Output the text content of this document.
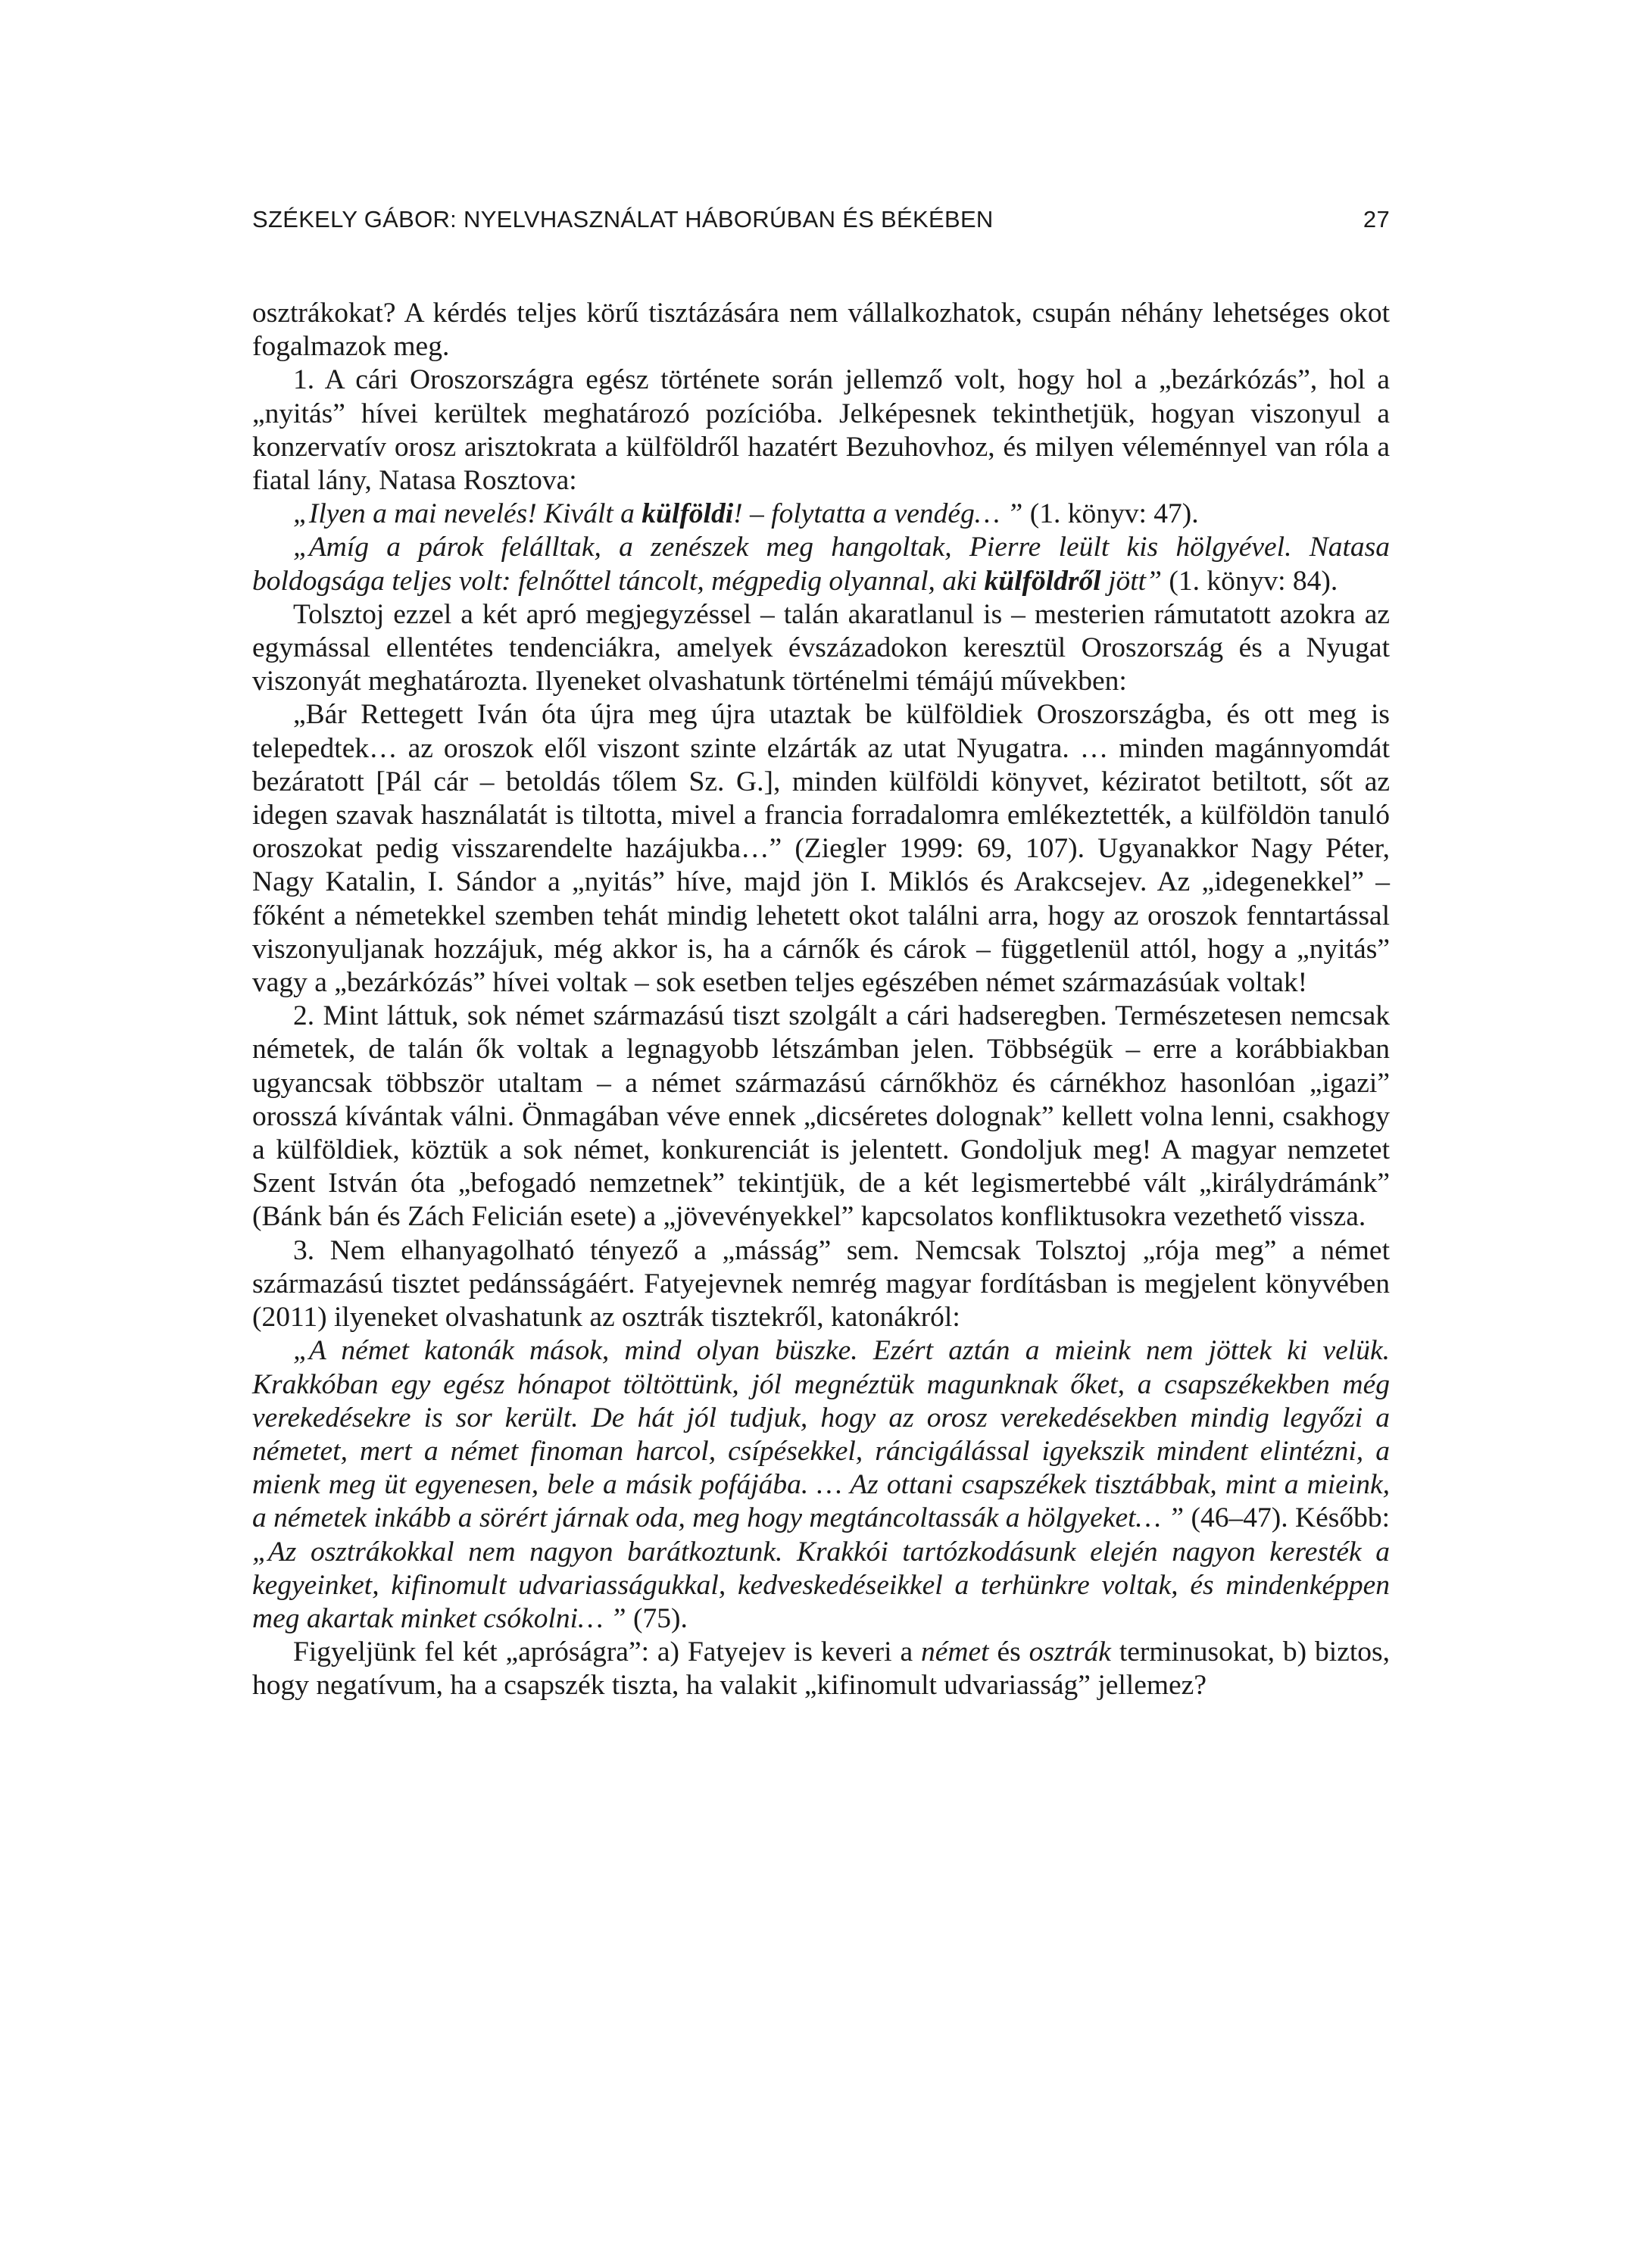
SZÉKELY GÁBOR: NYELVHASZNÁLAT HÁBORÚBAN ÉS BÉKÉBEN	27

osztrákokat? A kérdés teljes körű tisztázására nem vállalkozhatok, csupán néhány lehetséges okot fogalmazok meg.

1. A cári Oroszországra egész története során jellemző volt, hogy hol a „bezárkózás”, hol a „nyitás” hívei kerültek meghatározó pozícióba. Jelképesnek tekinthetjük, hogyan viszonyul a konzervatív orosz arisztokrata a külföldről hazatért Bezuhovhoz, és milyen véleménnyel van róla a fiatal lány, Natasa Rosztova:

„Ilyen a mai nevelés! Kivált a külföldi! – folytatta a vendég… ” (1. könyv: 47).

„Amíg a párok felálltak, a zenészek meg hangoltak, Pierre leült kis hölgyével. Natasa boldogsága teljes volt: felnőttel táncolt, mégpedig olyannal, aki külföldről jött” (1. könyv: 84).

Tolsztoj ezzel a két apró megjegyzéssel – talán akaratlanul is – mesterien rámutatott azokra az egymással ellentétes tendenciákra, amelyek évszázadokon keresztül Oroszország és a Nyugat viszonyát meghatározta. Ilyeneket olvashatunk történelmi témájú művekben:

„Bár Rettegett Iván óta újra meg újra utaztak be külföldiek Oroszországba, és ott meg is telepedtek… az oroszok elől viszont szinte elzárták az utat Nyugatra. … minden magánnyomdát bezáratott [Pál cár – betoldás tőlem Sz. G.], minden külföldi könyvet, kéziratot betiltott, sőt az idegen szavak használatát is tiltotta, mivel a francia forradalomra emlékeztették, a külföldön tanuló oroszokat pedig visszarendelte hazájukba…” (Ziegler 1999: 69, 107). Ugyanakkor Nagy Péter, Nagy Katalin, I. Sándor a „nyitás” híve, majd jön I. Miklós és Arakcsejev. Az „idegenekkel” – főként a németekkel szemben tehát mindig lehetett okot találni arra, hogy az oroszok fenntartással viszonyuljanak hozzájuk, még akkor is, ha a cárnők és cárok – függetlenül attól, hogy a „nyitás” vagy a „bezárkózás” hívei voltak – sok esetben teljes egészében német származásúak voltak!

2. Mint láttuk, sok német származású tiszt szolgált a cári hadseregben. Természetesen nemcsak németek, de talán ők voltak a legnagyobb létszámban jelen. Többségük – erre a korábbiakban ugyancsak többször utaltam – a német származású cárnőkhöz és cárnékhoz hasonlóan „igazi” orosszá kívántak válni. Önmagában véve ennek „dicséretes dolognak” kellett volna lenni, csakhogy a külföldiek, köztük a sok német, konkurenciát is jelentett. Gondoljuk meg! A magyar nemzetet Szent István óta „befogadó nemzetnek” tekintjük, de a két legismertebbé vált „királydrámánk” (Bánk bán és Zách Felicián esete) a „jövevényekkel” kapcsolatos konfliktusokra vezethető vissza.

3. Nem elhanyagolható tényező a „másság” sem. Nemcsak Tolsztoj „rója meg” a német származású tisztet pedánsságáért. Fatyejevnek nemrég magyar fordításban is megjelent könyvében (2011) ilyeneket olvashatunk az osztrák tisztekről, katonákról:

„A német katonák mások, mind olyan büszke. Ezért aztán a mieink nem jöttek ki velük. Krakkóban egy egész hónapot töltöttünk, jól megnéztük magunknak őket, a csapszékekben még verekedésekre is sor került. De hát jól tudjuk, hogy az orosz verekedésekben mindig legyőzi a németet, mert a német finoman harcol, csípésekkel, ráncigálással igyekszik mindent elintézni, a mienk meg üt egyenesen, bele a másik pofájába. … Az ottani csapszékek tisztábbak, mint a mieink, a németek inkább a sörért járnak oda, meg hogy megtáncoltassák a hölgyeket… ” (46–47). Később: „Az osztrákokkal nem nagyon barátkoztunk. Krakkói tartózkodásunk elején nagyon keresték a kegyeinket, kifinomult udvariasságukkal, kedveskedéseikkel a terhünkre voltak, és mindenképpen meg akartak minket csókolni… ” (75).

Figyeljünk fel két „apróságra”: a) Fatyejev is keveri a német és osztrák terminusokat, b) biztos, hogy negatívum, ha a csapszék tiszta, ha valakit „kifinomult udvariasság” jellemez?
